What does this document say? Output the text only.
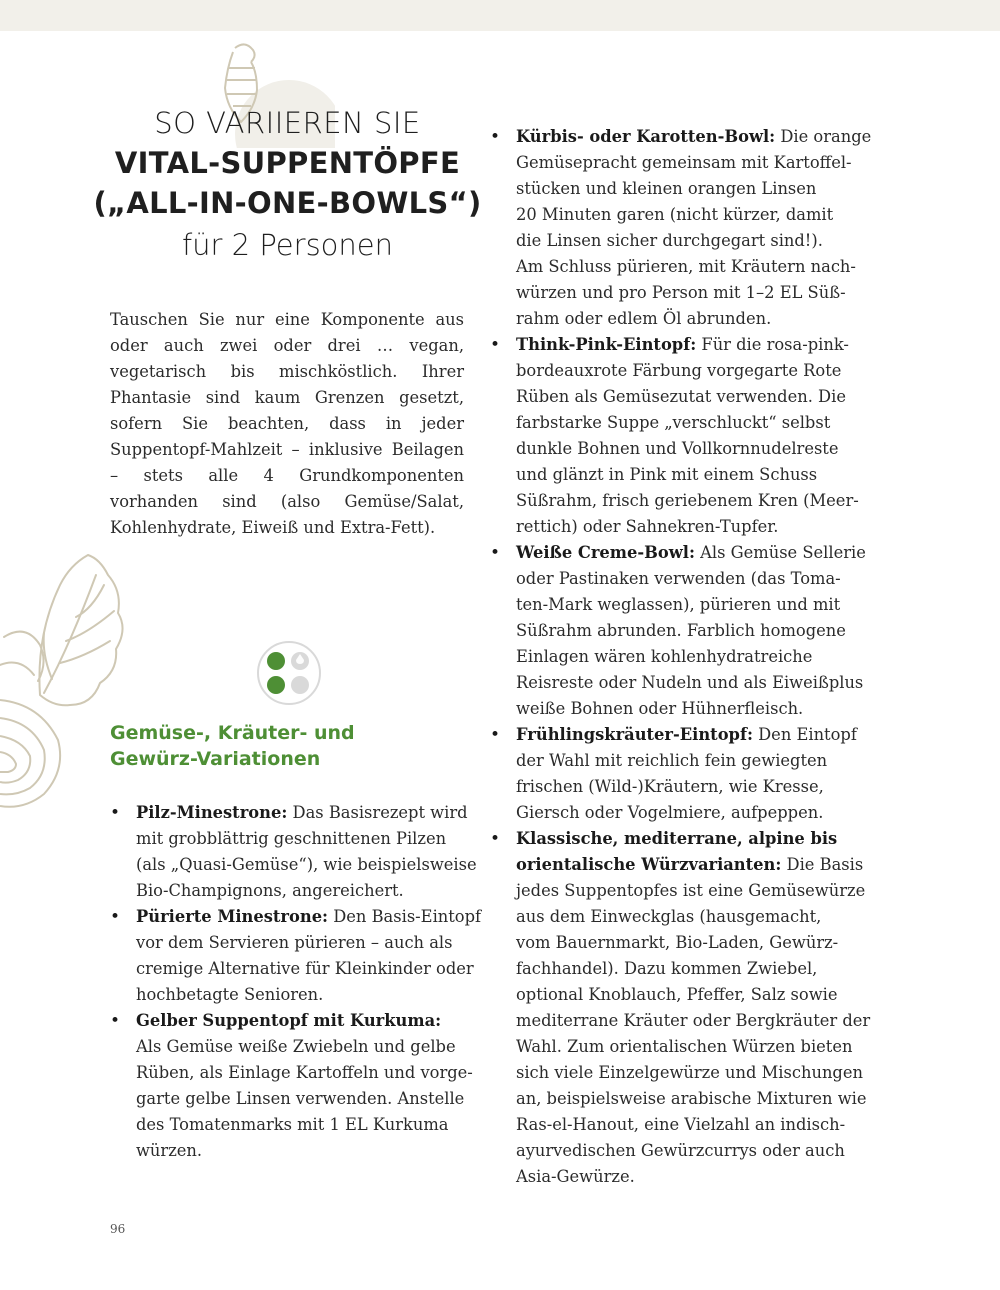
SO VARIIEREN SIE
VITAL-SUPPENTÖPFE
(„ALL-IN-ONE-BOWLS“)
für 2 Personen

Tauschen Sie nur eine Komponente aus oder auch zwei oder drei … vegan, vegetarisch bis mischköstlich. Ihrer Phantasie sind kaum Grenzen gesetzt, sofern Sie beachten, dass in jeder Suppentopf-Mahlzeit – inklusive Beilagen – stets alle 4 Grundkomponenten vorhanden sind (also Gemüse/Salat, Kohlenhydrate, Eiweiß und Extra-Fett).

Gemüse-, Kräuter- und
Gewürz-Variationen
• Pilz-Minestrone: Das Basisrezept wird
mit grobblättrig geschnittenen Pilzen
(als „Quasi-Gemüse“), wie beispielsweise
Bio-Champignons, angereichert.
• Pürierte Minestrone: Den Basis-Eintopf
vor dem Servieren pürieren – auch als
cremige Alternative für Kleinkinder oder
hochbetagte Senioren.
• Gelber Suppentopf mit Kurkuma:
Als Gemüse weiße Zwiebeln und gelbe
Rüben, als Einlage Kartoffeln und vorge-
garte gelbe Linsen verwenden. Anstelle
des Tomatenmarks mit 1 EL Kurkuma
würzen.
• Kürbis- oder Karotten-Bowl: Die orange
Gemüsepracht gemeinsam mit Kartoffel-
stücken und kleinen orangen Linsen
20 Minuten garen (nicht kürzer, damit
die Linsen sicher durchgegart sind!).
Am Schluss pürieren, mit Kräutern nach-
würzen und pro Person mit 1–2 EL Süß-
rahm oder edlem Öl abrunden.
• Think-Pink-Eintopf: Für die rosa-pink-
bordeauxrote Färbung vorgegarte Rote
Rüben als Gemüsezutat verwenden. Die
farbstarke Suppe „verschluckt“ selbst
dunkle Bohnen und Vollkornnudelreste
und glänzt in Pink mit einem Schuss
Süßrahm, frisch geriebenem Kren (Meer-
rettich) oder Sahnekren-Tupfer.
• Weiße Creme-Bowl: Als Gemüse Sellerie
oder Pastinaken verwenden (das Toma-
ten-Mark weglassen), pürieren und mit
Süßrahm abrunden. Farblich homogene
Einlagen wären kohlenhydratreiche
Reisreste oder Nudeln und als Eiweißplus
weiße Bohnen oder Hühnerfleisch.
• Frühlingskräuter-Eintopf: Den Eintopf
der Wahl mit reichlich fein gewiegten
frischen (Wild-)Kräutern, wie Kresse,
Giersch oder Vogelmiere, aufpeppen.
• Klassische, mediterrane, alpine bis
orientalische Würzvarianten: Die Basis
jedes Suppentopfes ist eine Gemüsewürze
aus dem Einweckglas (hausgemacht,
vom Bauernmarkt, Bio-Laden, Gewürz-
fachhandel). Dazu kommen Zwiebel,
optional Knoblauch, Pfeffer, Salz sowie
mediterrane Kräuter oder Bergkräuter der
Wahl. Zum orientalischen Würzen bieten
sich viele Einzelgewürze und Mischungen
an, beispielsweise arabische Mixturen wie
Ras-el-Hanout, eine Vielzahl an indisch-
ayurvedischen Gewürzcurrys oder auch
Asia-Gewürze.
96
